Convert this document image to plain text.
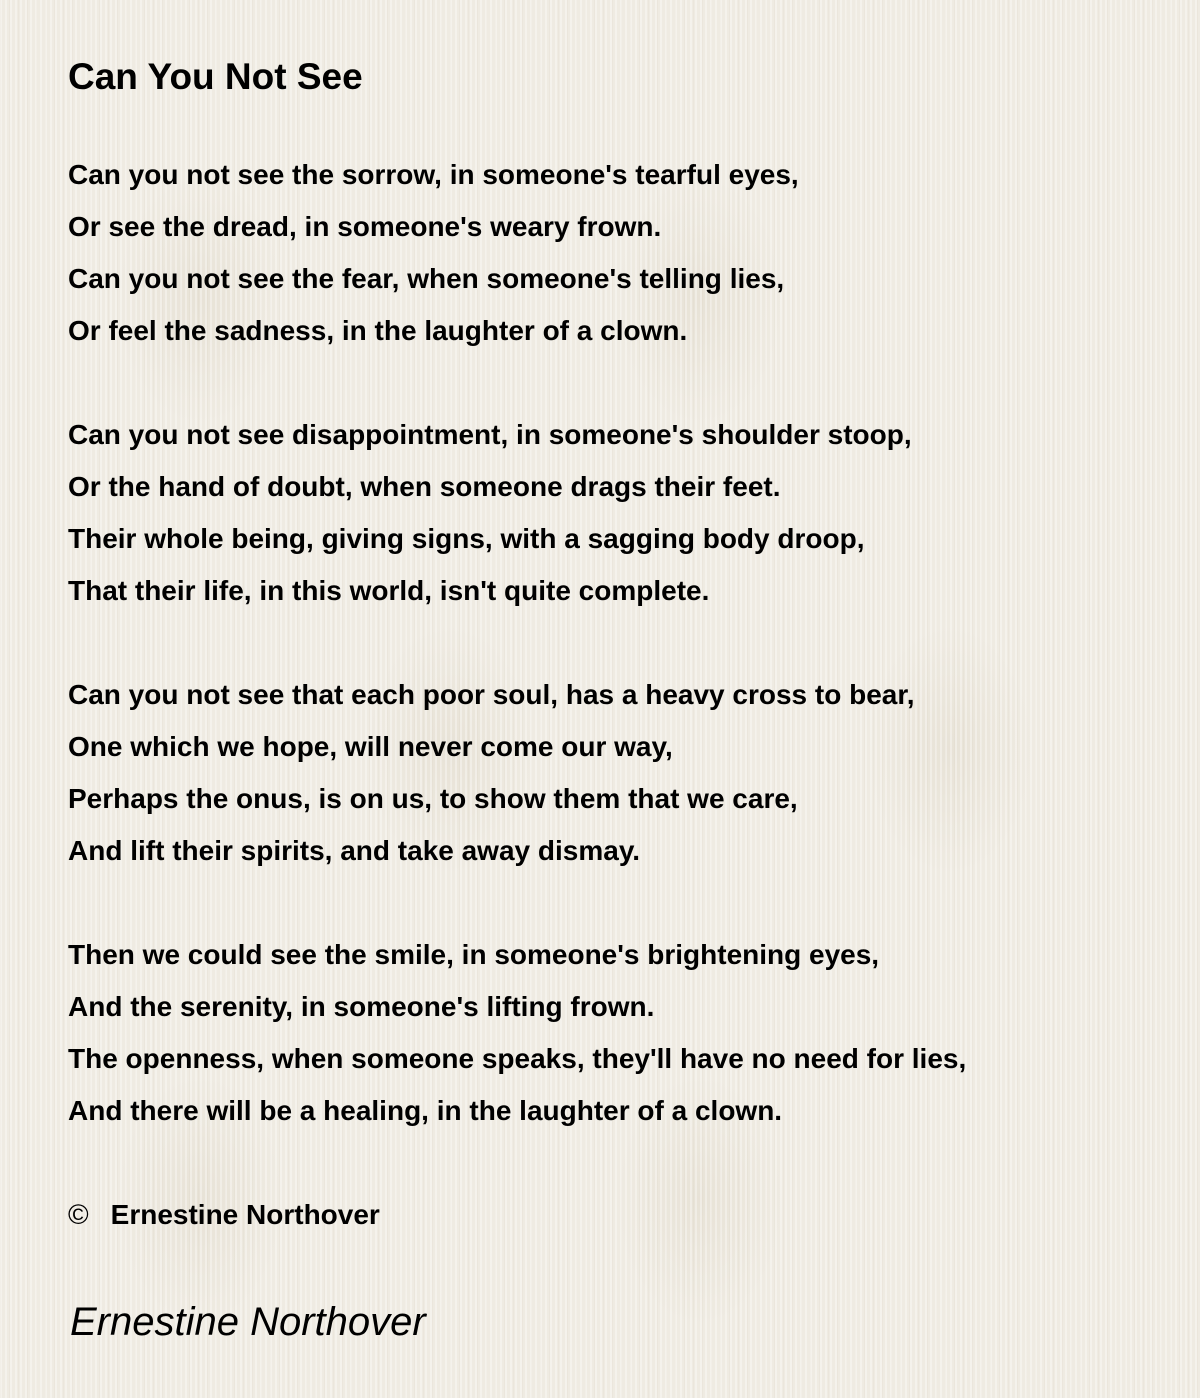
Can You Not See
Can you not see the sorrow, in someone's tearful eyes,
Or see the dread, in someone's weary frown.
Can you not see the fear, when someone's telling lies,
Or feel the sadness, in the laughter of a clown.
Can you not see disappointment, in someone's shoulder stoop,
Or the hand of doubt, when someone drags their feet.
Their whole being, giving signs, with a sagging body droop,
That their life, in this world, isn't quite complete.
Can you not see that each poor soul, has a heavy cross to bear,
One which we hope, will never come our way,
Perhaps the onus, is on us, to show them that we care,
And lift their spirits, and take away dismay.
Then we could see the smile, in someone's brightening eyes,
And the serenity, in someone's lifting frown.
The openness, when someone speaks, they'll have no need for lies,
And there will be a healing, in the laughter of a clown.
© Ernestine Northover
Ernestine Northover
